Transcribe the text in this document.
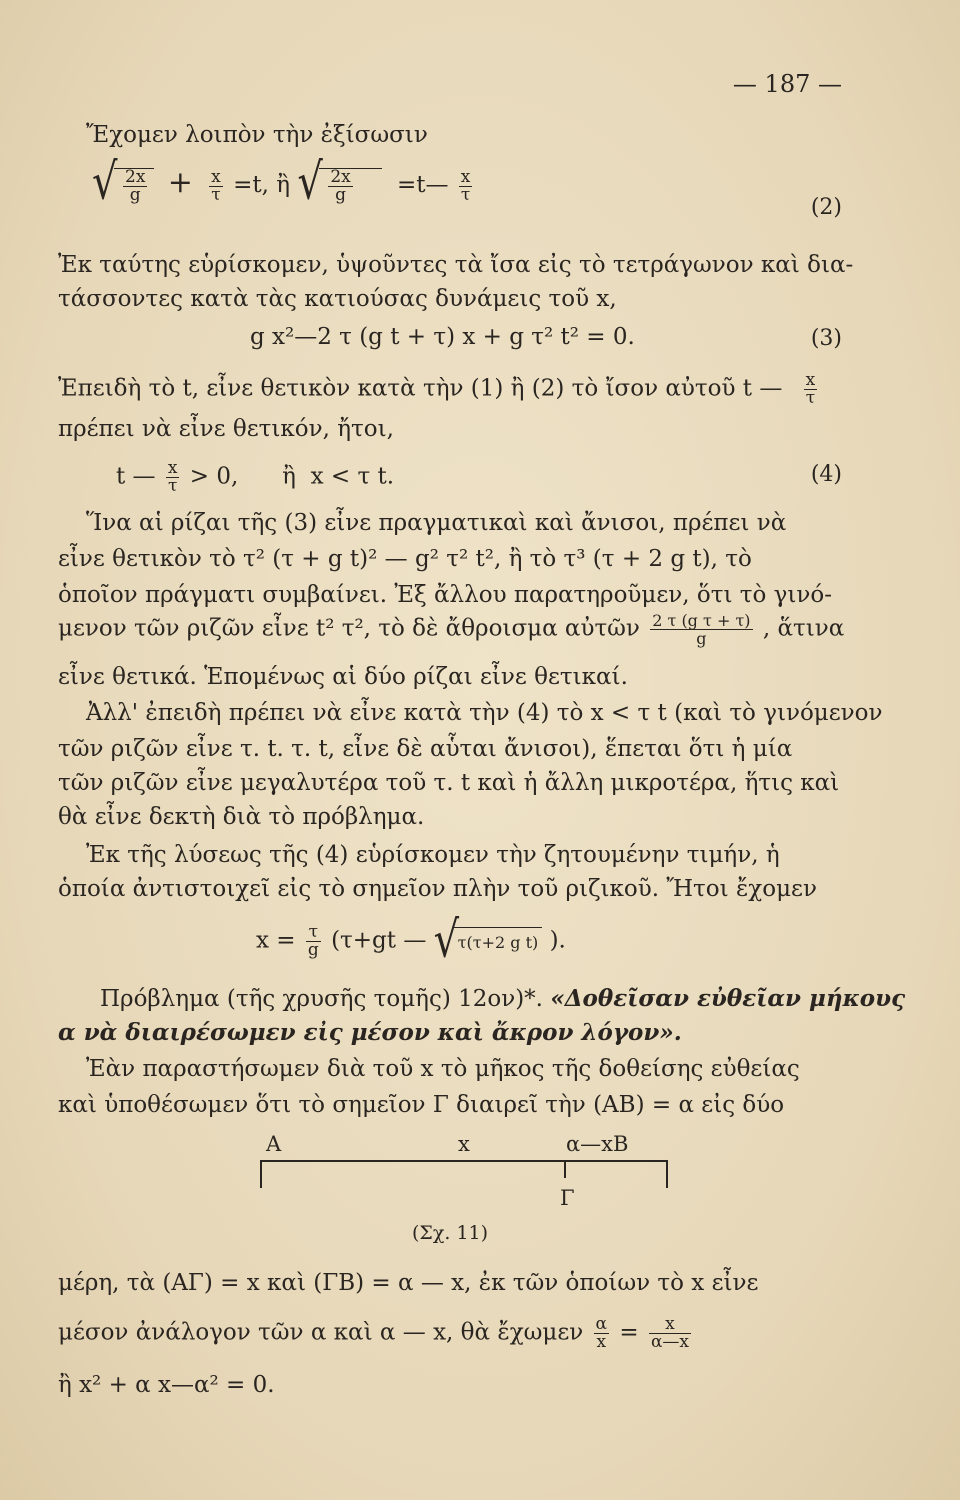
— 187 —
Ἔχομεν λοιπὸν τὴν ἐξίσωσιν
√ $\frac{2x}{g} + \frac{x}{\tau} =t$, ἢ √ $\frac{2x}{g}$ =t— $\frac{x}{\tau}$
(2)
Ἐκ ταύτης εὑρίσκομεν, ὑψοῦντες τὰ ἴσα εἰς τὸ τετράγωνον καὶ δια-
τάσσοντες κατὰ τὰς κατιούσας δυνάμεις τοῦ x,
g x²—2 τ (g t + τ) x + g τ² t² = 0.	(3)
Ἐπειδὴ τὸ t, εἶνε θετικὸν κατὰ τὴν (1) ἢ (2) τὸ ἴσον αὐτοῦ t — $\frac{x}{\tau}$
πρέπει νὰ εἶνε θετικόν, ἤτοι,
t — $\frac{x}{\tau} > 0$,      ἢ  x < τ t.	(4)
Ἵνα αἱ ρίζαι τῆς (3) εἶνε πραγματικαὶ καὶ ἄνισοι, πρέπει νὰ
εἶνε θετικὸν τὸ τ² (τ + g t)² — g² τ² t², ἢ τὸ τ³ (τ + 2 g t), τὸ
ὁποῖον πράγματι συμβαίνει. Ἐξ ἄλλου παρατηροῦμεν, ὅτι τὸ γινό-
μενον τῶν ριζῶν εἶνε t² τ², τὸ δὲ ἄθροισμα αὐτῶν $\frac{\text{2 τ (g τ + τ)}}{g}$ , ἅτινα
εἶνε θετικά. Ἑπομένως αἱ δύο ρίζαι εἶνε θετικαί.
Ἀλλ' ἐπειδὴ πρέπει νὰ εἶνε κατὰ τὴν (4) τὸ x < τ t (καὶ τὸ γινόμενον
τῶν ριζῶν εἶνε τ. t. τ. t, εἶνε δὲ αὗται ἄνισοι), ἕπεται ὅτι ἡ μία
τῶν ριζῶν εἶνε μεγαλυτέρα τοῦ τ. t καὶ ἡ ἄλλη μικροτέρα, ἥτις καὶ
θὰ εἶνε δεκτὴ διὰ τὸ πρόβλημα.
Ἐκ τῆς λύσεως τῆς (4) εὑρίσκομεν τὴν ζητουμένην τιμήν, ἡ
ὁποία ἀντιστοιχεῖ εἰς τὸ σημεῖον πλὴν τοῦ ριζικοῦ. Ἤτοι ἔχομεν
$x = \frac{\tau}{g} (\tau+gt$ — √ τ(τ+2 g t) ).
Πρόβλημα (τῆς χρυσῆς τομῆς) 12ον)*. «Δοθεῖσαν εὐθεῖαν μήκους
α νὰ διαιρέσωμεν εἰς μέσον καὶ ἄκρον λόγον».
Ἐὰν παραστήσωμεν διὰ τοῦ x τὸ μῆκος τῆς δοθείσης εὐθείας
καὶ ὑποθέσωμεν ὅτι τὸ σημεῖον Γ διαιρεῖ τὴν (ΑΒ) = α εἰς δύο
A	x	α—xB
Γ
(Σχ. 11)
μέρη, τὰ (ΑΓ) = x καὶ (ΓΒ) = α — x, ἐκ τῶν ὁποίων τὸ x εἶνε
μέσον ἀνάλογον τῶν α καὶ α — x, θὰ ἔχωμεν $\frac{\alpha}{x} = \frac{x}{\alpha—x}$
ἢ x² + α x—α² = 0.
